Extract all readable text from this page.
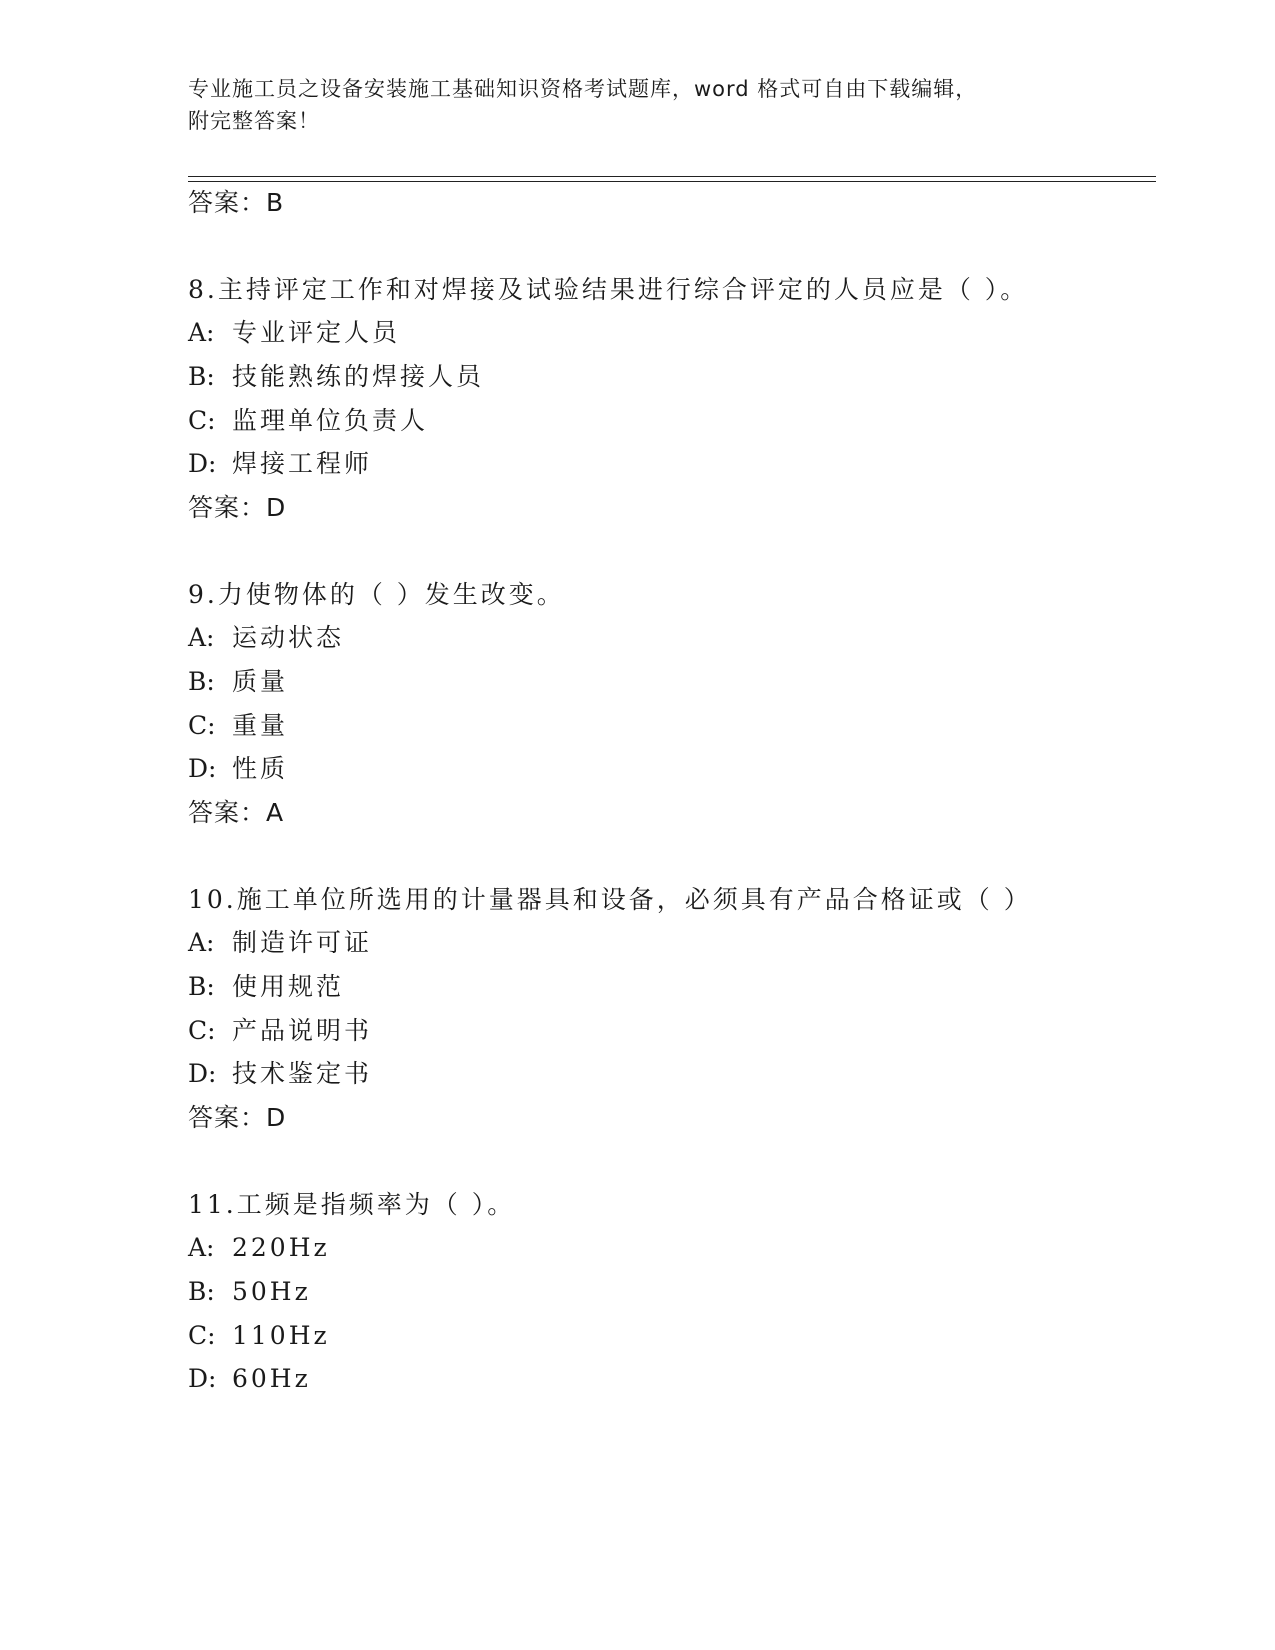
专业施工员之设备安装施工基础知识资格考试题库，word 格式可自由下载编辑，
附完整答案！
答案：B
8.主持评定工作和对焊接及试验结果进行综合评定的人员应是（ ）。
A: 专业评定人员
B: 技能熟练的焊接人员
C: 监理单位负责人
D: 焊接工程师
答案：D
9.力使物体的（ ）发生改变。
A: 运动状态
B: 质量
C: 重量
D: 性质
答案：A
10.施工单位所选用的计量器具和设备，必须具有产品合格证或（ ）
A: 制造许可证
B: 使用规范
C: 产品说明书
D: 技术鉴定书
答案：D
11.工频是指频率为（ ）。
A: 220Hz
B: 50Hz
C: 110Hz
D: 60Hz
